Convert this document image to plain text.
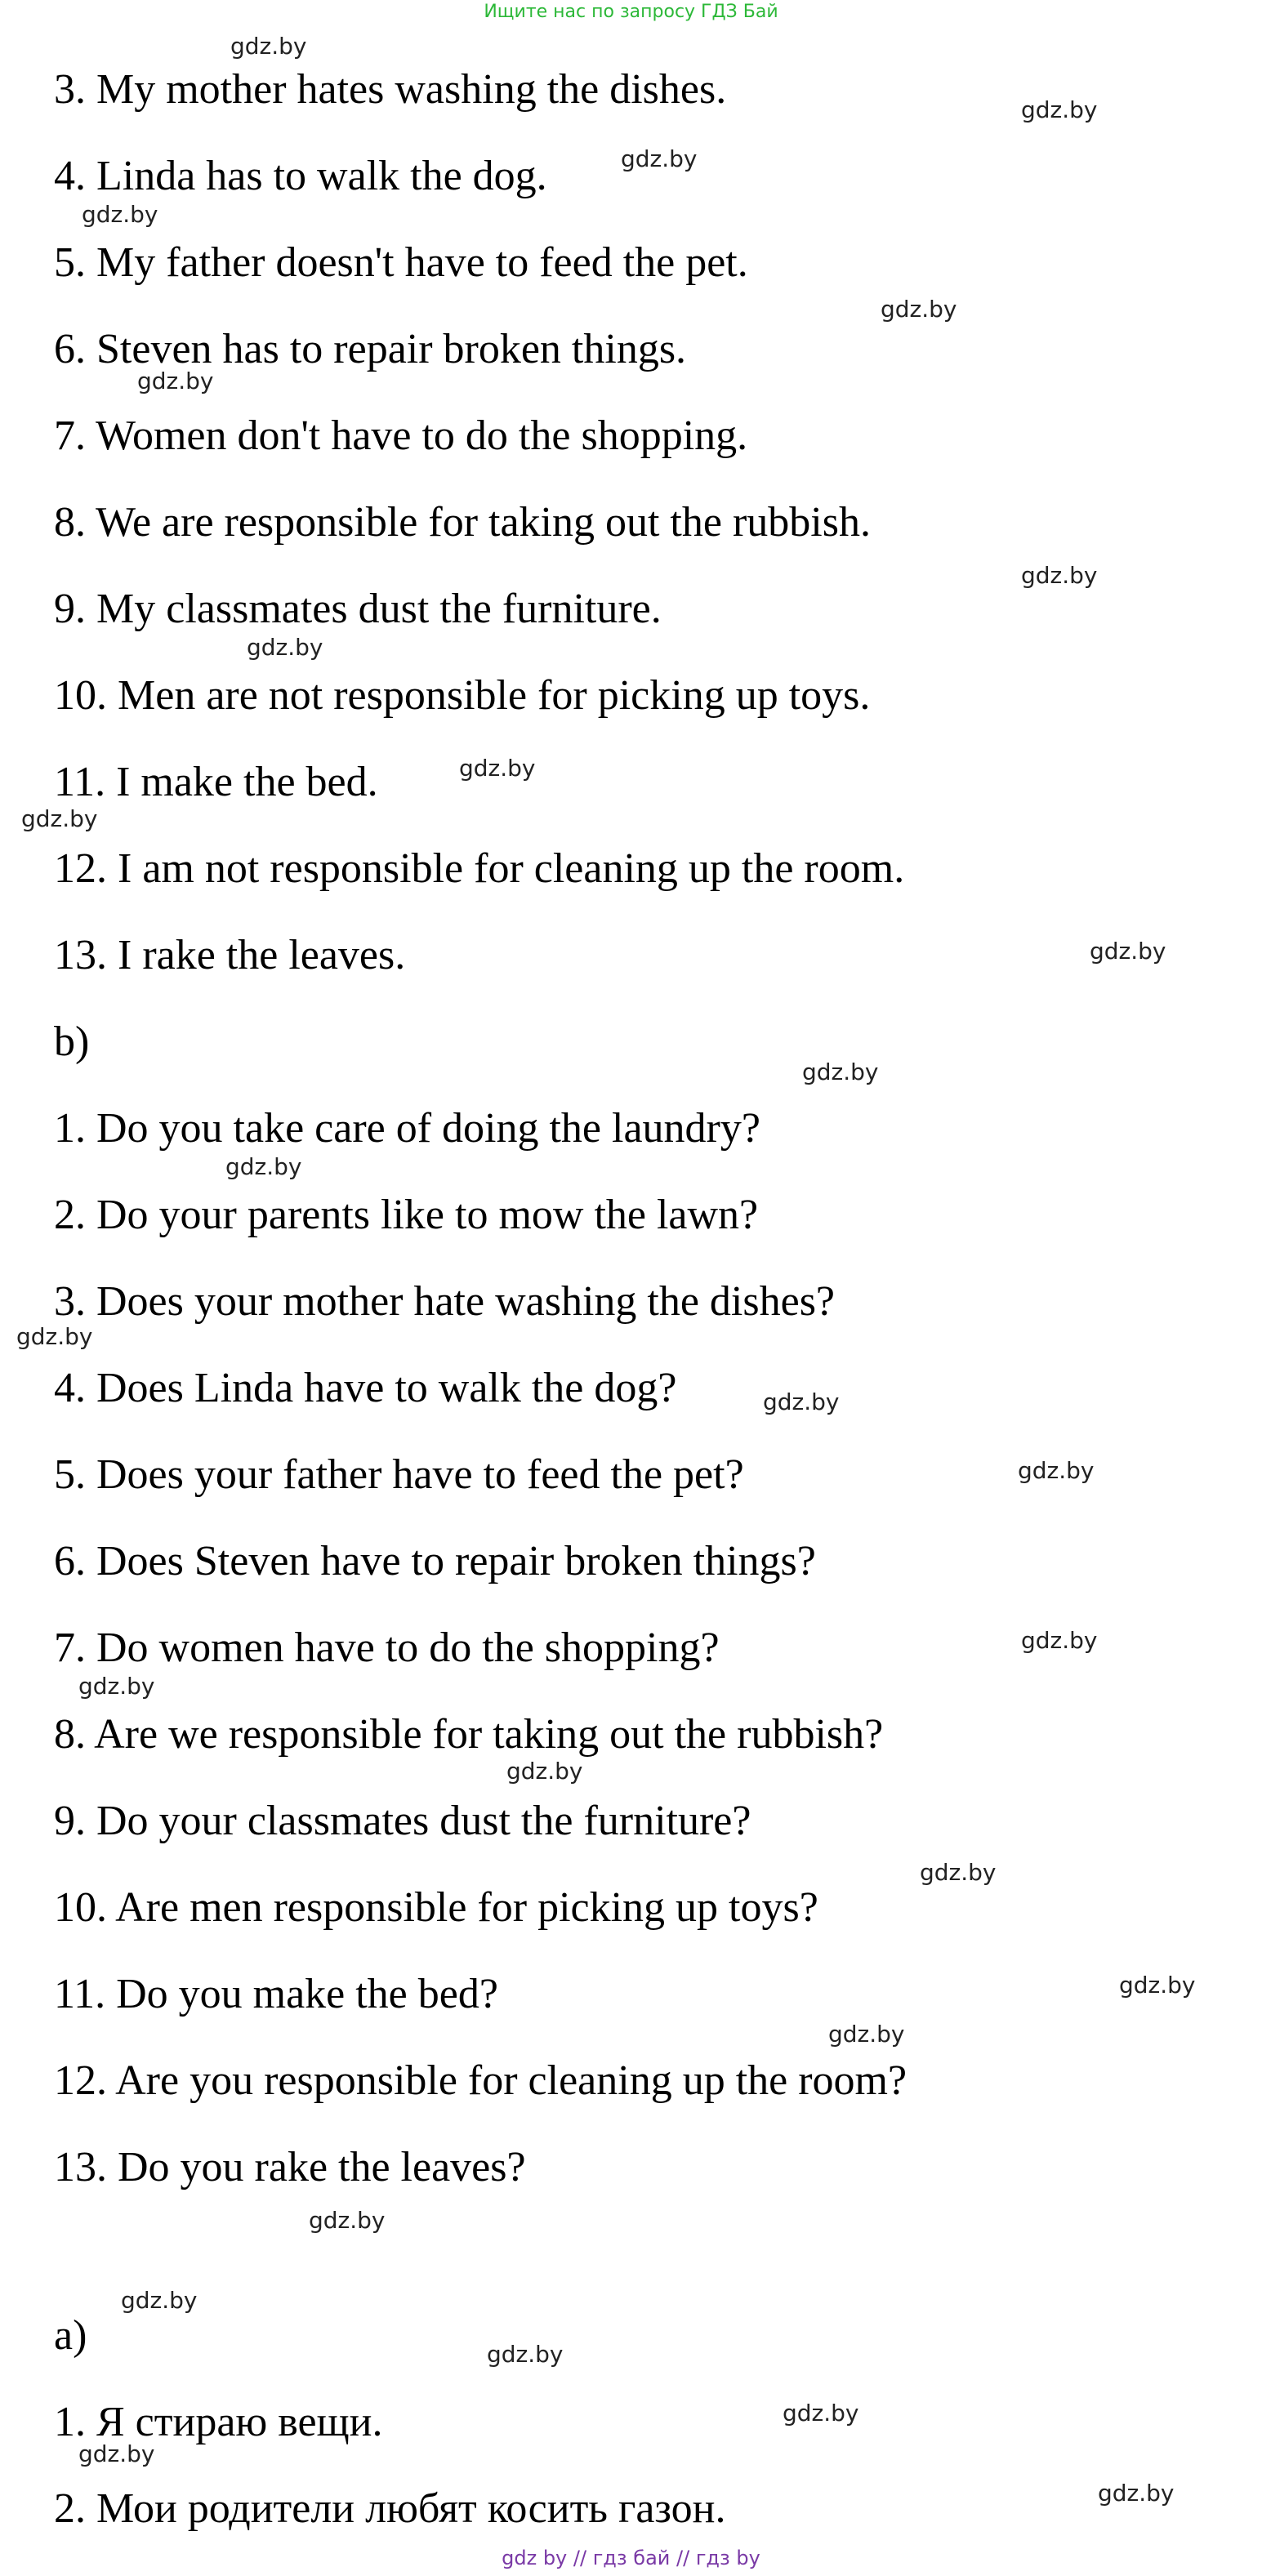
Ищите нас по запросу ГДЗ Бай
3. My mother hates washing the dishes.
4. Linda has to walk the dog.
5. My father doesn't have to feed the pet.
6. Steven has to repair broken things.
7. Women don't have to do the shopping.
8. We are responsible for taking out the rubbish.
9. My classmates dust the furniture.
10. Men are not responsible for picking up toys.
11. I make the bed.
12. I am not responsible for cleaning up the room.
13. I rake the leaves.
b)
1. Do you take care of doing the laundry?
2. Do your parents like to mow the lawn?
3. Does your mother hate washing the dishes?
4. Does Linda have to walk the dog?
5. Does your father have to feed the pet?
6. Does Steven have to repair broken things?
7. Do women have to do the shopping?
8. Are we responsible for taking out the rubbish?
9. Do your classmates dust the furniture?
10. Are men responsible for picking up toys?
11. Do you make the bed?
12. Are you responsible for cleaning up the room?
13. Do you rake the leaves?
a)
1. Я стираю вещи.
2. Мои родители любят косить газон.
gdz.by
gdz.by
gdz.by
gdz.by
gdz.by
gdz.by
gdz.by
gdz.by
gdz.by
gdz.by
gdz.by
gdz.by
gdz.by
gdz.by
gdz.by
gdz.by
gdz.by
gdz.by
gdz.by
gdz.by
gdz.by
gdz.by
gdz.by
gdz.by
gdz.by
gdz.by
gdz.by
gdz.by
gdz by // гдз бай // гдз by
